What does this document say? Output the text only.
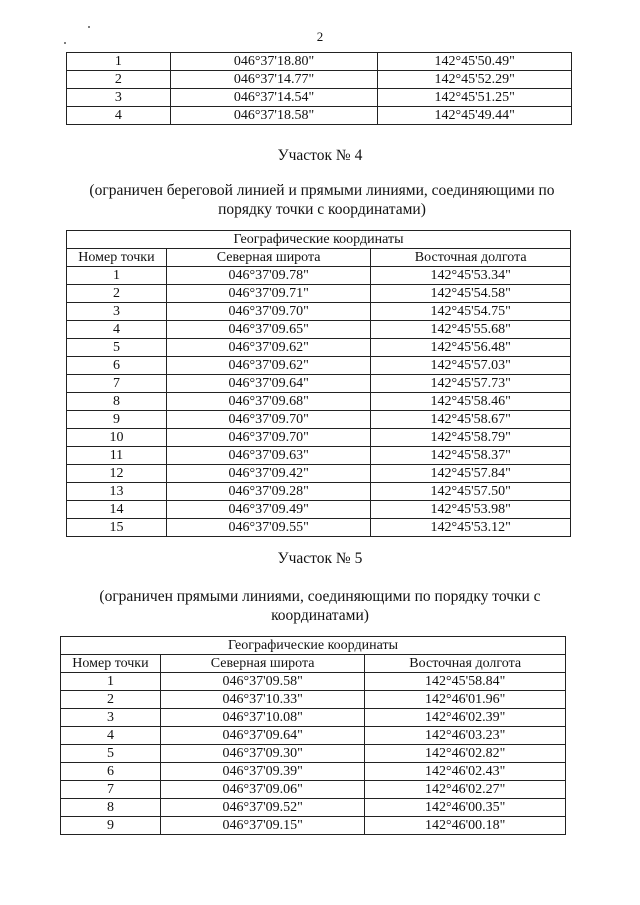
2
1	046°37'18.80"	142°45'50.49"
2	046°37'14.77"	142°45'52.29"
3	046°37'14.54"	142°45'51.25"
4	046°37'18.58"	142°45'49.44"
Участок № 4
(ограничен береговой линией и прямыми линиями, соединяющими по порядку точки с координатами)
Географические координаты		
Номер точки	Северная широта	Восточная долгота
1	046°37'09.78"	142°45'53.34"
2	046°37'09.71"	142°45'54.58"
3	046°37'09.70"	142°45'54.75"
4	046°37'09.65"	142°45'55.68"
5	046°37'09.62"	142°45'56.48"
6	046°37'09.62"	142°45'57.03"
7	046°37'09.64"	142°45'57.73"
8	046°37'09.68"	142°45'58.46"
9	046°37'09.70"	142°45'58.67"
10	046°37'09.70"	142°45'58.79"
11	046°37'09.63"	142°45'58.37"
12	046°37'09.42"	142°45'57.84"
13	046°37'09.28"	142°45'57.50"
14	046°37'09.49"	142°45'53.98"
15	046°37'09.55"	142°45'53.12"
Участок № 5
(ограничен прямыми линиями, соединяющими по порядку точки с координатами)
Географические координаты		
Номер точки	Северная широта	Восточная долгота
1	046°37'09.58"	142°45'58.84"
2	046°37'10.33"	142°46'01.96"
3	046°37'10.08"	142°46'02.39"
4	046°37'09.64"	142°46'03.23"
5	046°37'09.30"	142°46'02.82"
6	046°37'09.39"	142°46'02.43"
7	046°37'09.06"	142°46'02.27"
8	046°37'09.52"	142°46'00.35"
9	046°37'09.15"	142°46'00.18"
